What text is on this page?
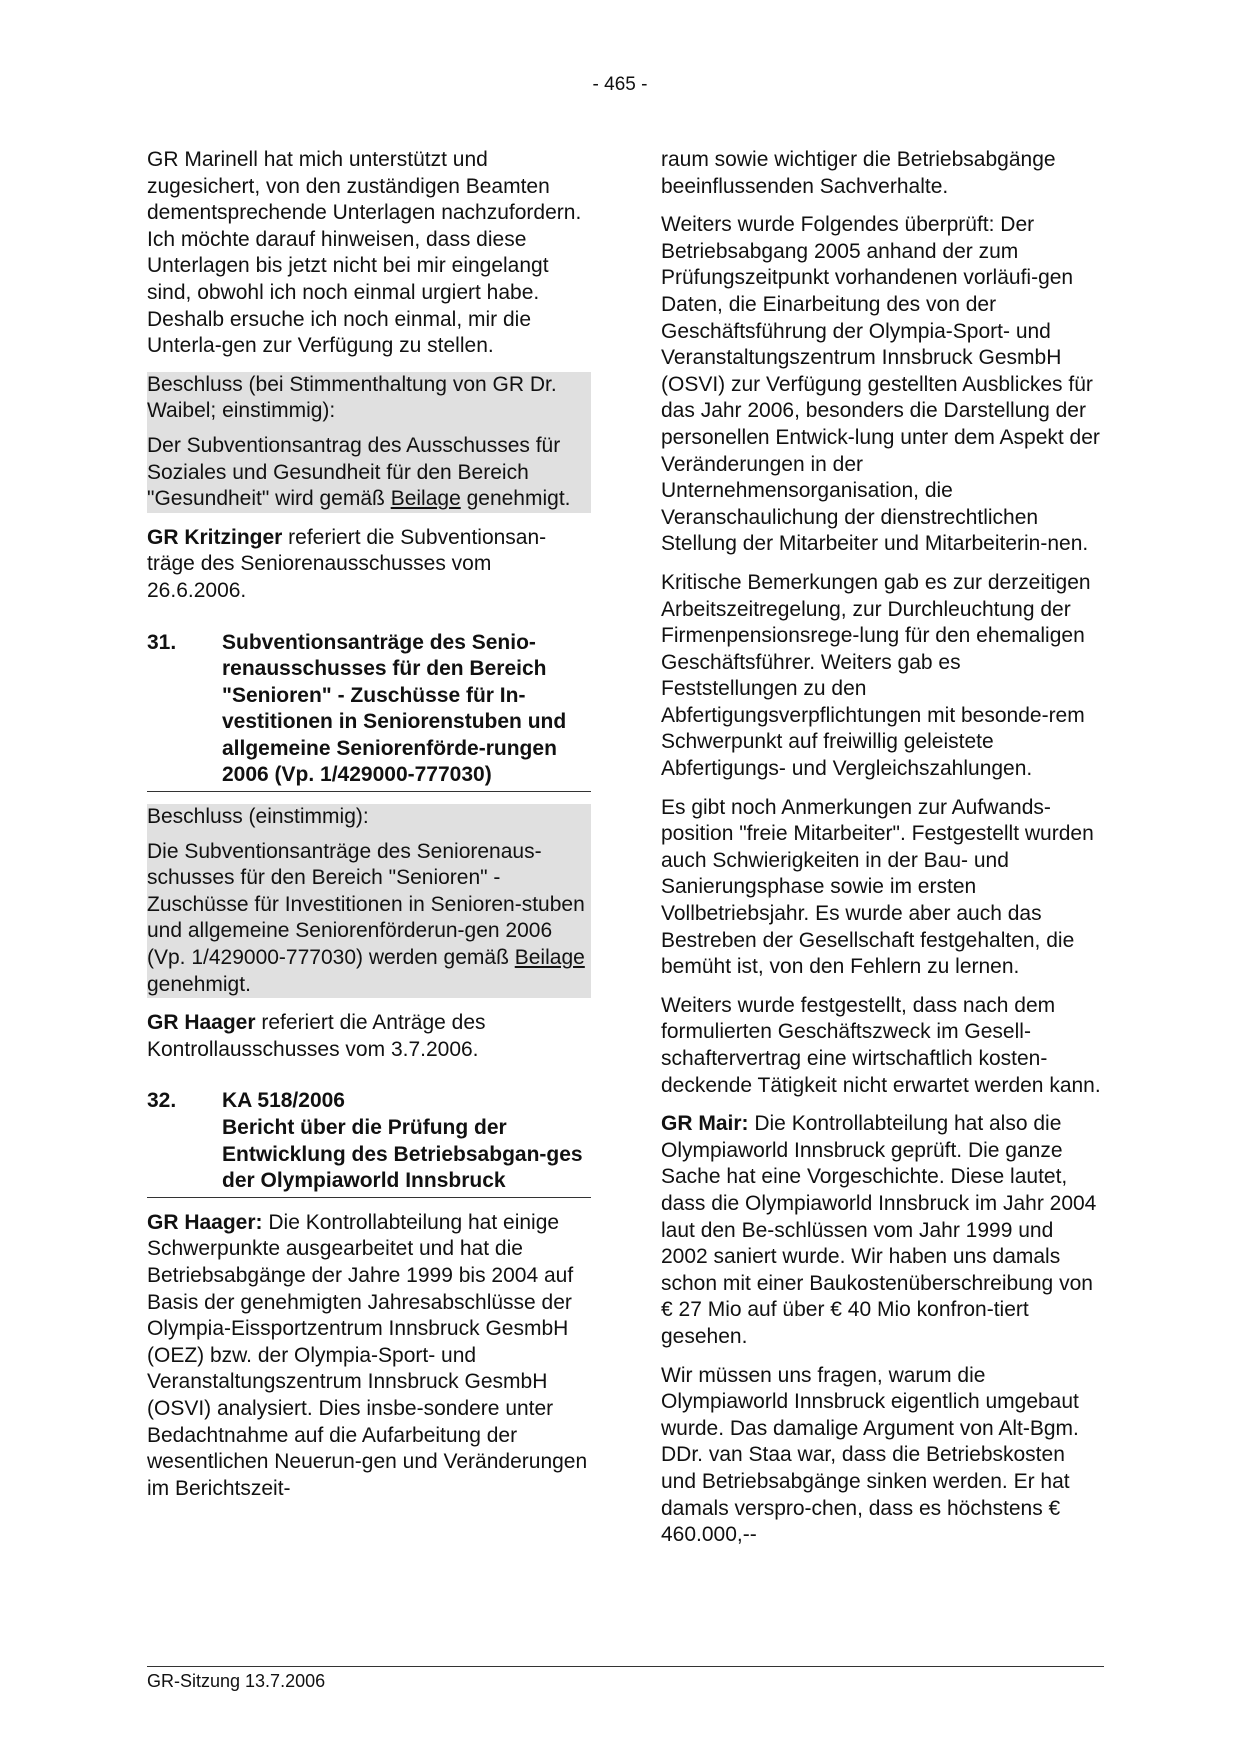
- 465 -

GR Marinell hat mich unterstützt und zugesichert, von den zuständigen Beamten dementsprechende Unterlagen nachzufordern. Ich möchte darauf hinweisen, dass diese Unterlagen bis jetzt nicht bei mir eingelangt sind, obwohl ich noch einmal urgiert habe. Deshalb ersuche ich noch einmal, mir die Unterla-gen zur Verfügung zu stellen.

Beschluss (bei Stimmenthaltung von GR Dr. Waibel; einstimmig):

Der Subventionsantrag des Ausschusses für Soziales und Gesundheit für den Bereich "Gesundheit" wird gemäß Beilage genehmigt.

GR Kritzinger referiert die Subventionsan-träge des Seniorenausschusses vom 26.6.2006.

31.	Subventionsanträge des Senio-renausschusses für den Bereich "Senioren" - Zuschüsse für In-vestitionen in Seniorenstuben und allgemeine Seniorenförde-rungen 2006 (Vp. 1/429000-777030)

Beschluss (einstimmig):

Die Subventionsanträge des Seniorenaus-schusses für den Bereich "Senioren" - Zuschüsse für Investitionen in Senioren-stuben und allgemeine Seniorenförderun-gen 2006 (Vp. 1/429000-777030) werden gemäß Beilage genehmigt.

GR Haager referiert die Anträge des Kontrollausschusses vom 3.7.2006.

32.	KA 518/2006
Bericht über die Prüfung der Entwicklung des Betriebsabgan-ges der Olympiaworld Innsbruck

GR Haager: Die Kontrollabteilung hat einige Schwerpunkte ausgearbeitet und hat die Betriebsabgänge der Jahre 1999 bis 2004 auf Basis der genehmigten Jahresabschlüsse der Olympia-Eissportzentrum Innsbruck GesmbH (OEZ) bzw. der Olympia-Sport- und Veranstaltungszentrum Innsbruck GesmbH (OSVI) analysiert. Dies insbe-sondere unter Bedachtnahme auf die Aufarbeitung der wesentlichen Neuerun-gen und Veränderungen im Berichtszeit-

raum sowie wichtiger die Betriebsabgänge beeinflussenden Sachverhalte.

Weiters wurde Folgendes überprüft: Der Betriebsabgang 2005 anhand der zum Prüfungszeitpunkt vorhandenen vorläufi-gen Daten, die Einarbeitung des von der Geschäftsführung der Olympia-Sport- und Veranstaltungszentrum Innsbruck GesmbH (OSVI) zur Verfügung gestellten Ausblickes für das Jahr 2006, besonders die Darstellung der personellen Entwick-lung unter dem Aspekt der Veränderungen in der Unternehmensorganisation, die Veranschaulichung der dienstrechtlichen Stellung der Mitarbeiter und Mitarbeiterin-nen.

Kritische Bemerkungen gab es zur derzeitigen Arbeitszeitregelung, zur Durchleuchtung der Firmenpensionsrege-lung für den ehemaligen Geschäftsführer. Weiters gab es Feststellungen zu den Abfertigungsverpflichtungen mit besonde-rem Schwerpunkt auf freiwillig geleistete Abfertigungs- und Vergleichszahlungen.

Es gibt noch Anmerkungen zur Aufwands-position "freie Mitarbeiter". Festgestellt wurden auch Schwierigkeiten in der Bau- und Sanierungsphase sowie im ersten Vollbetriebsjahr. Es wurde aber auch das Bestreben der Gesellschaft festgehalten, die bemüht ist, von den Fehlern zu lernen.

Weiters wurde festgestellt, dass nach dem formulierten Geschäftszweck im Gesell-schaftervertrag eine wirtschaftlich kosten-deckende Tätigkeit nicht erwartet werden kann.

GR Mair: Die Kontrollabteilung hat also die Olympiaworld Innsbruck geprüft. Die ganze Sache hat eine Vorgeschichte. Diese lautet, dass die Olympiaworld Innsbruck im Jahr 2004 laut den Be-schlüssen vom Jahr 1999 und 2002 saniert wurde. Wir haben uns damals schon mit einer Baukostenüberschreibung von € 27 Mio auf über € 40 Mio konfron-tiert gesehen.

Wir müssen uns fragen, warum die Olympiaworld Innsbruck eigentlich umgebaut wurde. Das damalige Argument von Alt-Bgm. DDr. van Staa war, dass die Betriebskosten und Betriebsabgänge sinken werden. Er hat damals verspro-chen, dass es höchstens € 460.000,--

GR-Sitzung 13.7.2006
